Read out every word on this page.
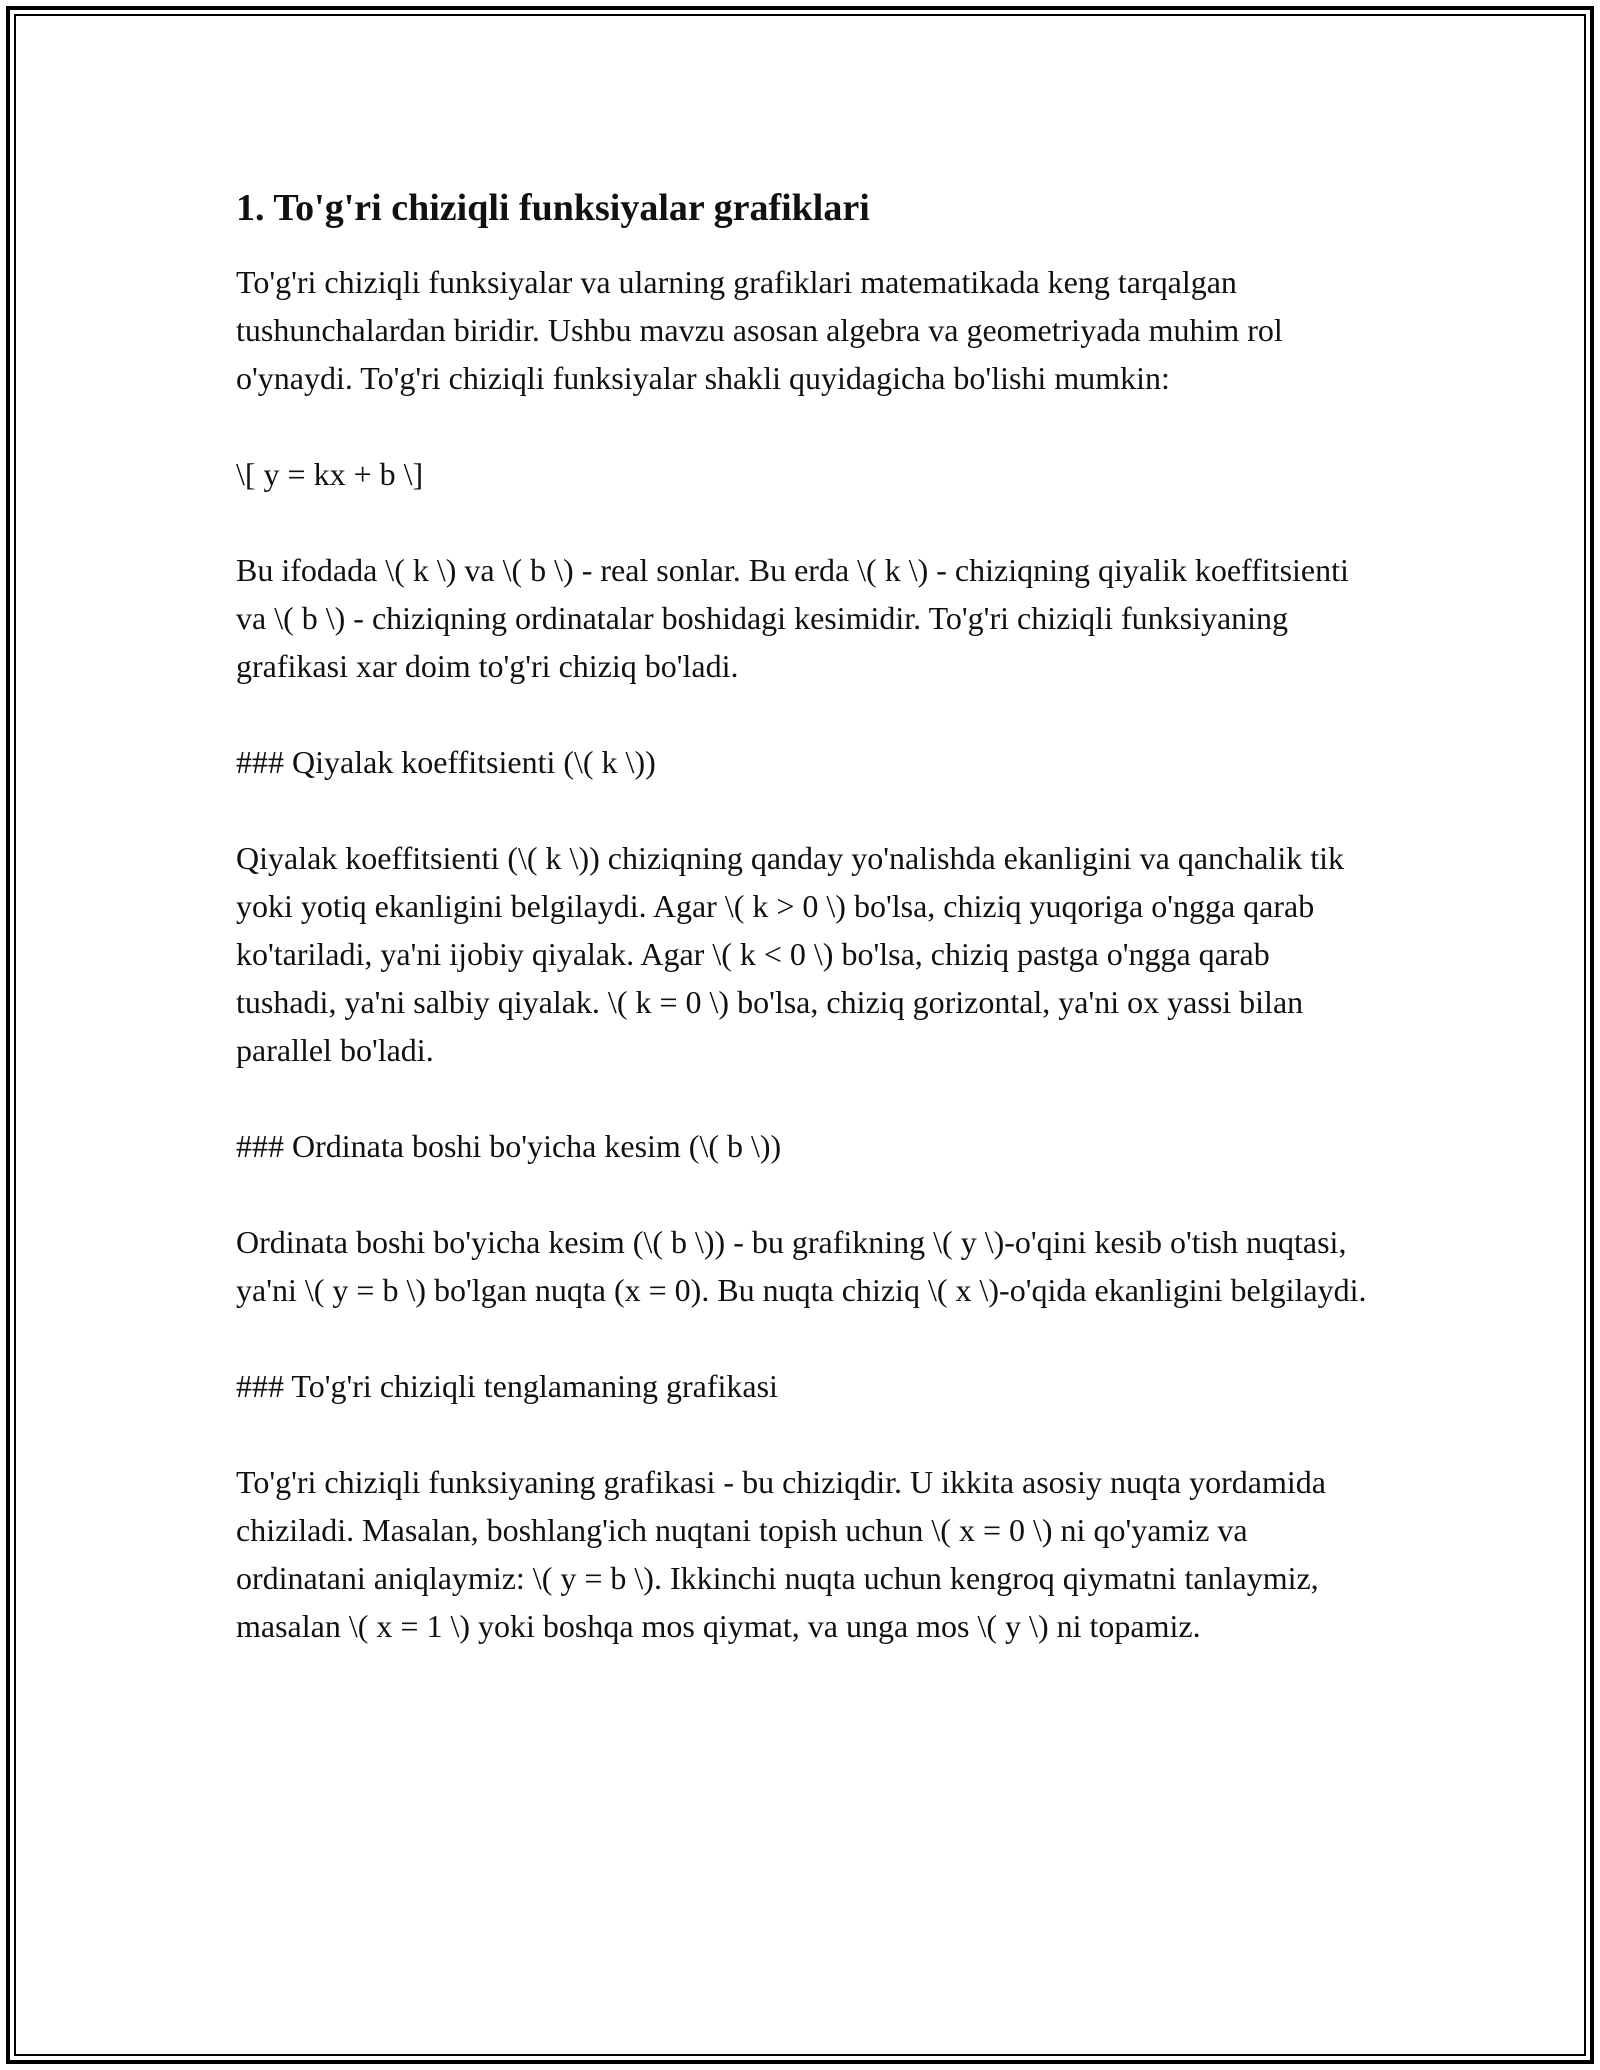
1. To'g'ri chiziqli funksiyalar grafiklari

To'g'ri chiziqli funksiyalar va ularning grafiklari matematikada keng tarqalgan tushunchalardan biridir. Ushbu mavzu asosan algebra va geometriyada muhim rol o'ynaydi. To'g'ri chiziqli funksiyalar shakli quyidagicha bo'lishi mumkin:

\[ y = kx + b \]

Bu ifodada \( k \) va \( b \) - real sonlar. Bu erda \( k \) - chiziqning qiyalik koeffitsienti va \( b \) - chiziqning ordinatalar boshidagi kesimidir. To'g'ri chiziqli funksiyaning grafikasi xar doim to'g'ri chiziq bo'ladi.

### Qiyalak koeffitsienti (\( k \))

Qiyalak koeffitsienti (\( k \)) chiziqning qanday yo'nalishda ekanligini va qanchalik tik yoki yotiq ekanligini belgilaydi. Agar \( k > 0 \) bo'lsa, chiziq yuqoriga o'ngga qarab ko'tariladi, ya'ni ijobiy qiyalak. Agar \( k < 0 \) bo'lsa, chiziq pastga o'ngga qarab tushadi, ya'ni salbiy qiyalak. \( k = 0 \) bo'lsa, chiziq gorizontal, ya'ni ox yassi bilan parallel bo'ladi.

### Ordinata boshi bo'yicha kesim (\( b \))

Ordinata boshi bo'yicha kesim (\( b \)) - bu grafikning \( y \)-o'qini kesib o'tish nuqtasi, ya'ni \( y = b \) bo'lgan nuqta (x = 0). Bu nuqta chiziq \( x \)-o'qida ekanligini belgilaydi.

### To'g'ri chiziqli tenglamaning grafikasi

To'g'ri chiziqli funksiyaning grafikasi - bu chiziqdir. U ikkita asosiy nuqta yordamida chiziladi. Masalan, boshlang'ich nuqtani topish uchun \( x = 0 \) ni qo'yamiz va ordinatani aniqlaymiz: \( y = b \). Ikkinchi nuqta uchun kengroq qiymatni tanlaymiz, masalan \( x = 1 \) yoki boshqa mos qiymat, va unga mos \( y \) ni topamiz.
